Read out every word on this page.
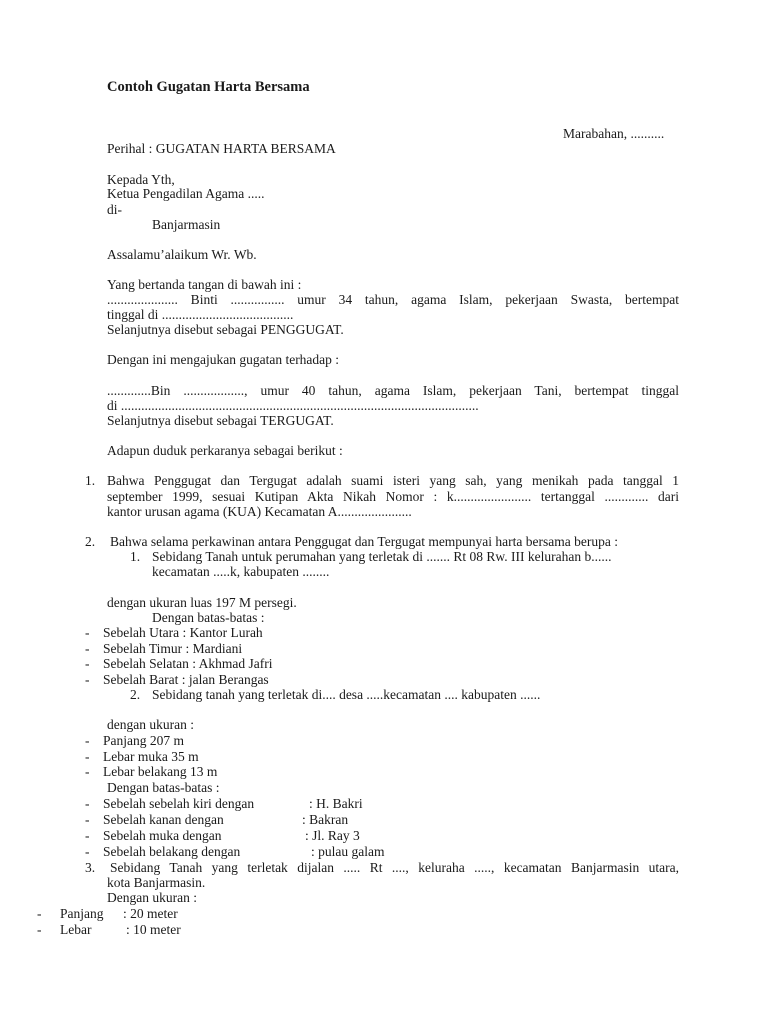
Contoh Gugatan Harta Bersama
Marabahan, ..........
Perihal : GUGATAN HARTA BERSAMA
Kepada Yth,
Ketua Pengadilan Agama .....
di-
Banjarmasin
Assalamu’alaikum Wr. Wb.
Yang bertanda tangan di bawah ini :
..................... Binti ................ umur 34 tahun, agama Islam, pekerjaan Swasta, bertempat
tinggal di .......................................
Selanjutnya disebut sebagai PENGGUGAT.
Dengan ini mengajukan gugatan terhadap :
.............Bin .................., umur 40 tahun, agama Islam, pekerjaan Tani, bertempat tinggal
di ..........................................................................................................
Selanjutnya disebut sebagai TERGUGAT.
Adapun duduk perkaranya sebagai berikut :
1. Bahwa Penggugat dan Tergugat adalah suami isteri yang sah, yang menikah pada tanggal 1
september 1999, sesuai Kutipan Akta Nikah Nomor : k....................... tertanggal ............. dari
kantor urusan agama (KUA) Kecamatan A......................
2. Bahwa selama perkawinan antara Penggugat dan Tergugat mempunyai harta bersama berupa :
1. Sebidang Tanah untuk perumahan yang terletak di ....... Rt 08 Rw. III kelurahan b......
kecamatan .....k, kabupaten ........
dengan ukuran luas 197 M persegi.
Dengan batas-batas :
- Sebelah Utara : Kantor Lurah
- Sebelah Timur : Mardiani
- Sebelah Selatan : Akhmad Jafri
- Sebelah Barat : jalan Berangas
2. Sebidang tanah yang terletak di.... desa .....kecamatan .... kabupaten ......
dengan ukuran :
- Panjang 207 m
- Lebar muka 35 m
- Lebar belakang 13 m
Dengan batas-batas :
- Sebelah sebelah kiri dengan	: H. Bakri
- Sebelah kanan dengan	: Bakran
- Sebelah muka dengan	: Jl. Ray 3
- Sebelah belakang dengan	: pulau galam
3. Sebidang Tanah yang terletak dijalan ..... Rt ...., keluraha ....., kecamatan Banjarmasin utara,
kota Banjarmasin.
Dengan ukuran :
- Panjang : 20 meter
- Lebar	: 10 meter
